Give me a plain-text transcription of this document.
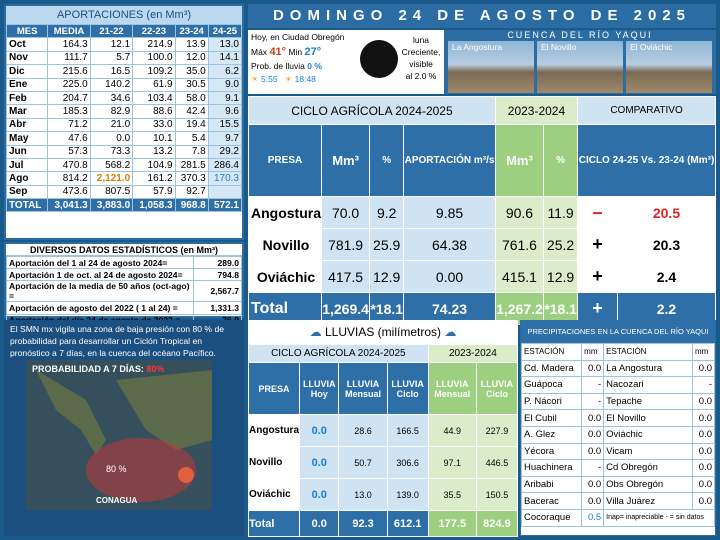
APORTACIONES (en Mm³)
MES	MEDIA	21-22	22-23	23-24	24-25
Oct	164.3	12.1	214.9	13.9	13.0
Nov	111.7	5.7	100.0	12.0	14.1
Dic	215.6	16.5	109.2	35.0	6.2
Ene	225.0	140.2	61.9	30.5	9.0
Feb	204.7	34.6	103.4	58.0	9.1
Mar	185.3	82.9	88.6	42.4	9.6
Abr	71.2	21.0	33.0	19.4	15.5
May	47.6	0.0	10.1	5.4	9.7
Jun	57.3	73.3	13.2	7.8	29.2
Jul	470.8	568.2	104.9	281.5	286.4
Ago	814.2	2,121.0	161.2	370.3	170.3
Sep	473.6	807.5	57.9	92.7	
TOTAL	3,041.3	3,883.0	1,058.3	968.8	572.1
DIVERSOS DATOS ESTADÍSTICOS (en Mm³)
Aportación del 1 al 24 de agosto 2024=	289.0
Aportación 1 de oct. al 24 de agosto 2024=	794.8
Aportación de la media de 50 años (oct-ago) =	2,567.7
Aportación de agosto del 2022 ( 1 al 24) =	1,331.3

El SMN mx vigila una zona de baja presión con 80 % de probabilidad para desarrollar un Ciclón Tropical en pronóstico a 7 días, en la cuenca del océano Pacífico.
80 %
PROBABILIDAD A 7 DÍAS: 80%
CONAGUA
DOMINGO 24 DE AGOSTO DE 2025
Hoy, en Ciudad Obregón
Máx 41° Min 27°
Prob. de lluvia 0 %
☀ 5:55 ☀ 18:48
luna
Creciente,
visible
al 2.0 %
CUENCA DEL RÍO YAQUI
La Angostura	El Novillo	El Oviáchic
CICLO AGRÍCOLA 2024-2025				2023-2024		COMPARATIVO	
PRESA	Mm³	%	APORTACIÓN m³/s	Mm³	%	CICLO 24-25 Vs. 23-24 (Mm³)	
Angostura	70.0	9.2	9.85	90.6	11.9	–	20.5
Novillo	781.9	25.9	64.38	761.6	25.2	+	20.3
Oviáchic	417.5	12.9	0.00	415.1	12.9	+	2.4
Total	1,269.4	*18.1	74.23	1,267.2	*18.1	+	2.2
☁ LLUVIAS (milímetros) ☁
CICLO AGRÍCOLA 2024-2025				2023-2024	
PRESA	LLUVIA Hoy	LLUVIA Mensual	LLUVIA Ciclo	LLUVIA Mensual	LLUVIA Ciclo
Angostura	0.0	28.6	166.5	44.9	227.9
Novillo	0.0	50.7	306.6	97.1	446.5
Oviáchic	0.0	13.0	139.0	35.5	150.5
Total	0.0	92.3	612.1	177.5	824.9
PRECIPITACIONES EN LA CUENCA DEL RÍO YAQUI
ESTACIÓN	mm	ESTACIÓN	mm
Cd. Madera	0.0	La Angostura	0.0
Guápoca	-	Nacozari	-
P. Nácori	-	Tepache	0.0
El Cubil	0.0	El Novillo	0.0
A. Glez	0.0	Oviáchic	0.0
Yécora	0.0	Vicam	0.0
Huachinera	-	Cd Obregón	0.0
Aribabi	0.0	Obs Obregón	0.0
Bacerac	0.0	Villa Juárez	0.0
Cocoraque	0.5	Inap= inapreciable - = sin datos	
